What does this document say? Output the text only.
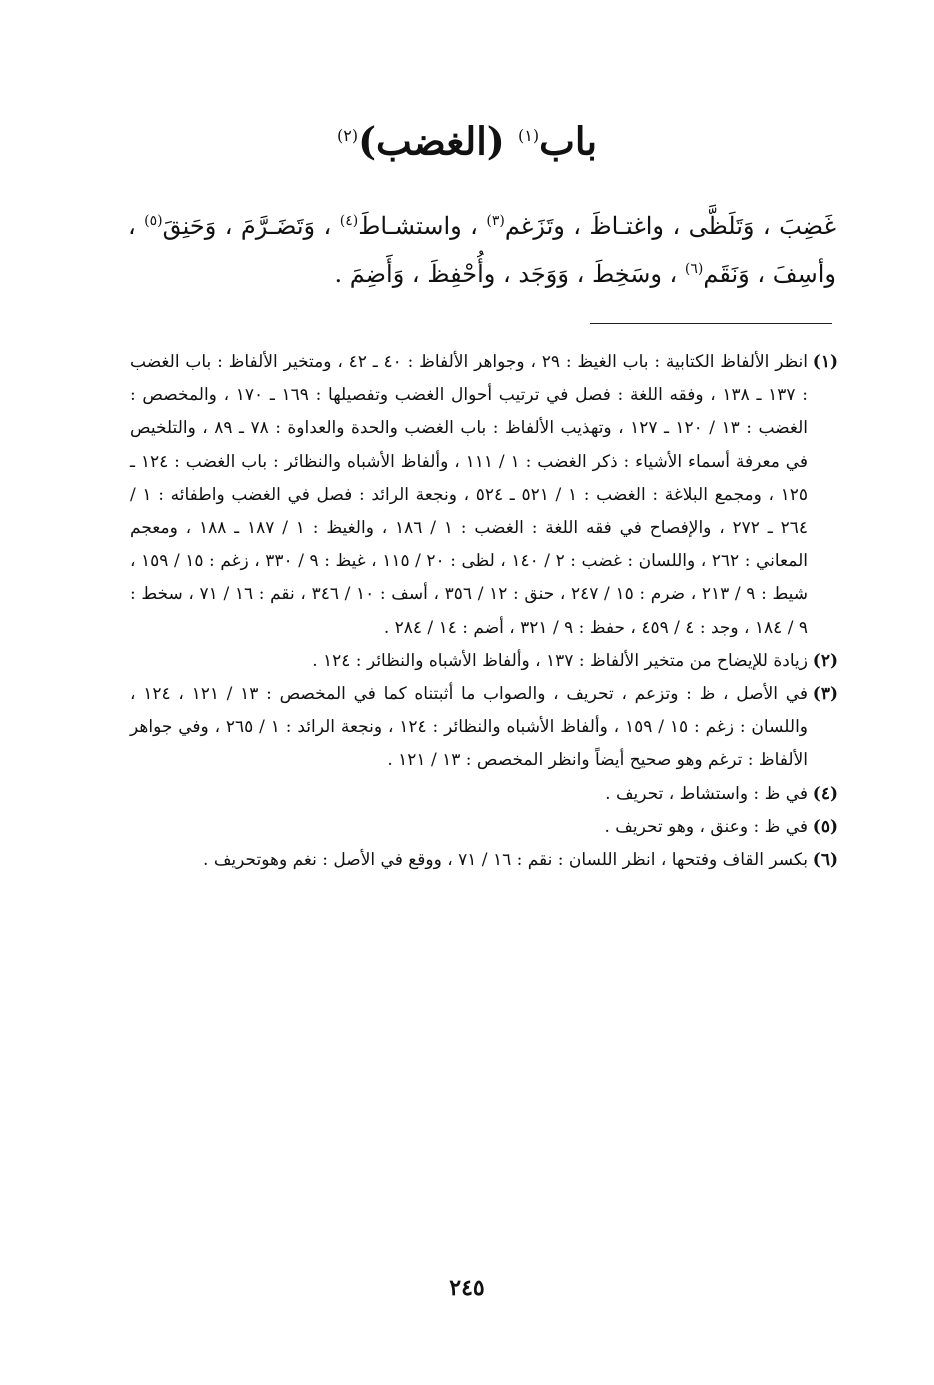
باب$^{(١)}$ (الغضب)$^{(٢)}$
غَضِبَ ، وَتَلَظَّى ، واغتـاظَ ، وتَزَغم$^{(٣)}$ ، واستشـاطَ$^{(٤)}$ ، وَتَضَـرَّمَ ، وَحَنِقَ$^{(٥)}$ ، وأسِفَ ، وَنَقَم$^{(٦)}$ ، وسَخِطَ ، وَوَجَد ، وأُحْفِظَ ، وَأَضِمَ .
(١)
انظر الألفاظ الكتابية : باب الغيظ : ٢٩ ، وجواهر الألفاظ : ٤٠ ـ ٤٢ ، ومتخير الألفاظ : باب الغضب : ١٣٧ ـ ١٣٨ ، وفقه اللغة : فصل في ترتيب أحوال الغضب وتفصيلها : ١٦٩ ـ ١٧٠ ، والمخصص : الغضب : ١٣ / ١٢٠ ـ ١٢٧ ، وتهذيب الألفاظ : باب الغضب والحدة والعداوة : ٧٨ ـ ٨٩ ، والتلخيص في معرفة أسماء الأشياء : ذكر الغضب : ١ / ١١١ ، وألفاظ الأشباه والنظائر : باب الغضب : ١٢٤ ـ ١٢٥ ، ومجمع البلاغة : الغضب : ١ / ٥٢١ ـ ٥٢٤ ، ونجعة الرائد : فصل في الغضب واطفائه : ١ / ٢٦٤ ـ ٢٧٢ ، والإفصاح في فقه اللغة : الغضب : ١ / ١٨٦ ، والغيظ : ١ / ١٨٧ ـ ١٨٨ ، ومعجم المعاني : ٢٦٢ ، واللسان : غضب : ٢ / ١٤٠ ، لظى : ٢٠ / ١١٥ ، غيظ : ٩ / ٣٣٠ ، زغم : ١٥ / ١٥٩ ، شيط : ٩ / ٢١٣ ، ضرم : ١٥ / ٢٤٧ ، حنق : ١٢ / ٣٥٦ ، أسف : ١٠ / ٣٤٦ ، نقم : ١٦ / ٧١ ، سخط : ٩ / ١٨٤ ، وجد : ٤ / ٤٥٩ ، حفظ : ٩ / ٣٢١ ، أضم : ١٤ / ٢٨٤ .
(٢)
زيادة للإيضاح من متخير الألفاظ : ١٣٧ ، وألفاظ الأشباه والنظائر : ١٢٤ .
(٣)
في الأصل ، ظ : وتزعم ، تحريف ، والصواب ما أثبتناه كما في المخصص : ١٣ / ١٢١ ، ١٢٤ ، واللسان : زغم : ١٥ / ١٥٩ ، وألفاظ الأشباه والنظائر : ١٢٤ ، ونجعة الرائد : ١ / ٢٦٥ ، وفي جواهر الألفاظ : ترغم وهو صحيح أيضاً وانظر المخصص : ١٣ / ١٢١ .
(٤)
في ظ : واستشاط ، تحريف .
(٥)
في ظ : وعنق ، وهو تحريف .
(٦)
بكسر القاف وفتحها ، انظر اللسان : نقم : ١٦ / ٧١ ، ووقع في الأصل : نغم وهوتحريف .
٢٤٥
